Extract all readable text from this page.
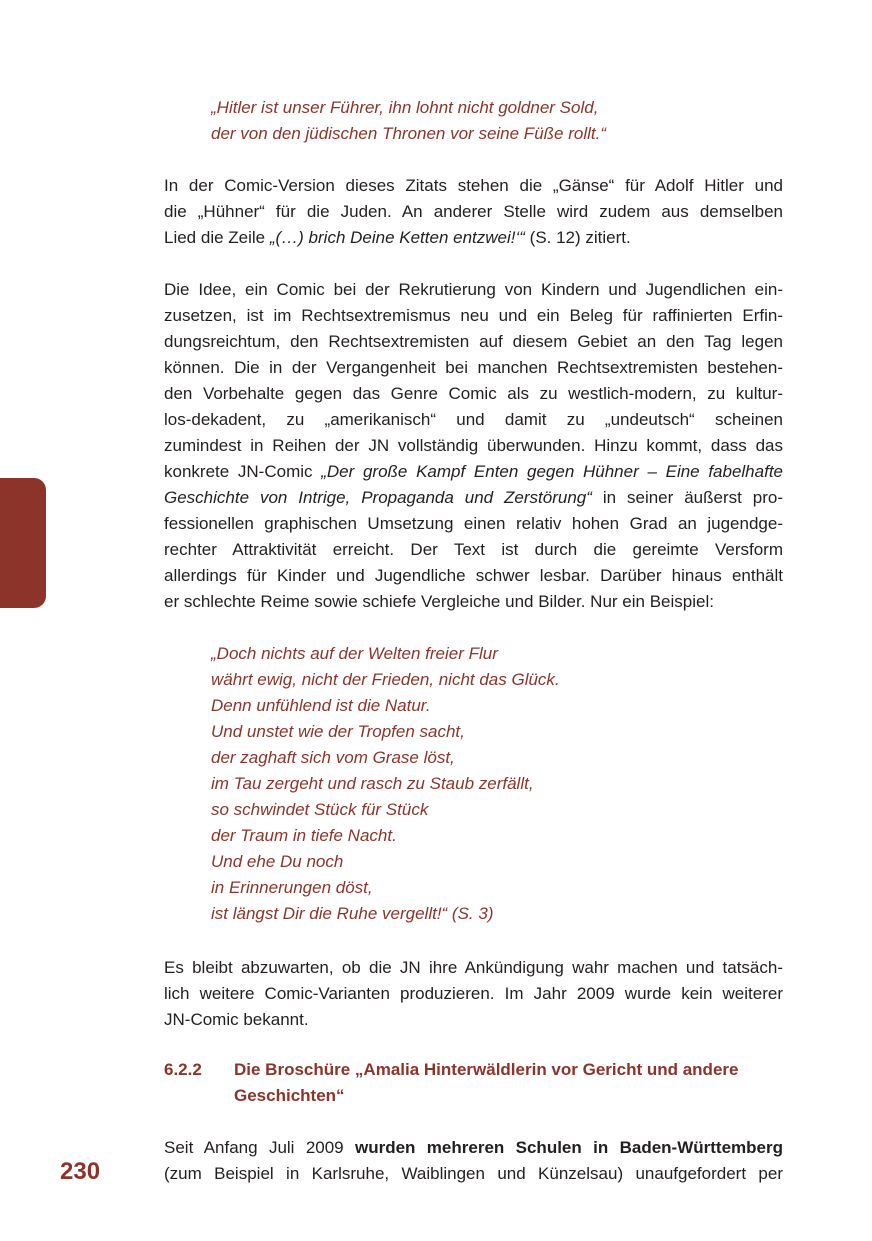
„Hitler ist unser Führer, ihn lohnt nicht goldner Sold,
der von den jüdischen Thronen vor seine Füße rollt.“
In der Comic-Version dieses Zitats stehen die „Gänse“ für Adolf Hitler und
die „Hühner“ für die Juden. An anderer Stelle wird zudem aus demselben
Lied die Zeile „(…) brich Deine Ketten entzwei!‘“ (S. 12) zitiert.
Die Idee, ein Comic bei der Rekrutierung von Kindern und Jugendlichen ein-
zusetzen, ist im Rechtsextremismus neu und ein Beleg für raffinierten Erfin-
dungsreichtum, den Rechtsextremisten auf diesem Gebiet an den Tag legen
können. Die in der Vergangenheit bei manchen Rechtsextremisten bestehen-
den Vorbehalte gegen das Genre Comic als zu westlich-modern, zu kultur-
los-dekadent, zu „amerikanisch“ und damit zu „undeutsch“ scheinen
zumindest in Reihen der JN vollständig überwunden. Hinzu kommt, dass das
konkrete JN-Comic „Der große Kampf Enten gegen Hühner – Eine fabelhafte
Geschichte von Intrige, Propaganda und Zerstörung“ in seiner äußerst pro-
fessionellen graphischen Umsetzung einen relativ hohen Grad an jugendge-
rechter Attraktivität erreicht. Der Text ist durch die gereimte Versform
allerdings für Kinder und Jugendliche schwer lesbar. Darüber hinaus enthält
er schlechte Reime sowie schiefe Vergleiche und Bilder. Nur ein Beispiel:
„Doch nichts auf der Welten freier Flur
währt ewig, nicht der Frieden, nicht das Glück.
Denn unfühlend ist die Natur.
Und unstet wie der Tropfen sacht,
der zaghaft sich vom Grase löst,
im Tau zergeht und rasch zu Staub zerfällt,
so schwindet Stück für Stück
der Traum in tiefe Nacht.
Und ehe Du noch
in Erinnerungen döst,
ist längst Dir die Ruhe vergellt!“ (S. 3)
Es bleibt abzuwarten, ob die JN ihre Ankündigung wahr machen und tatsäch-
lich weitere Comic-Varianten produzieren. Im Jahr 2009 wurde kein weiterer
JN-Comic bekannt.
6.2.2 Die Broschüre „Amalia Hinterwäldlerin vor Gericht und andere
Geschichten“
Seit Anfang Juli 2009 wurden mehreren Schulen in Baden-Württemberg
(zum Beispiel in Karlsruhe, Waiblingen und Künzelsau) unaufgefordert per
230
